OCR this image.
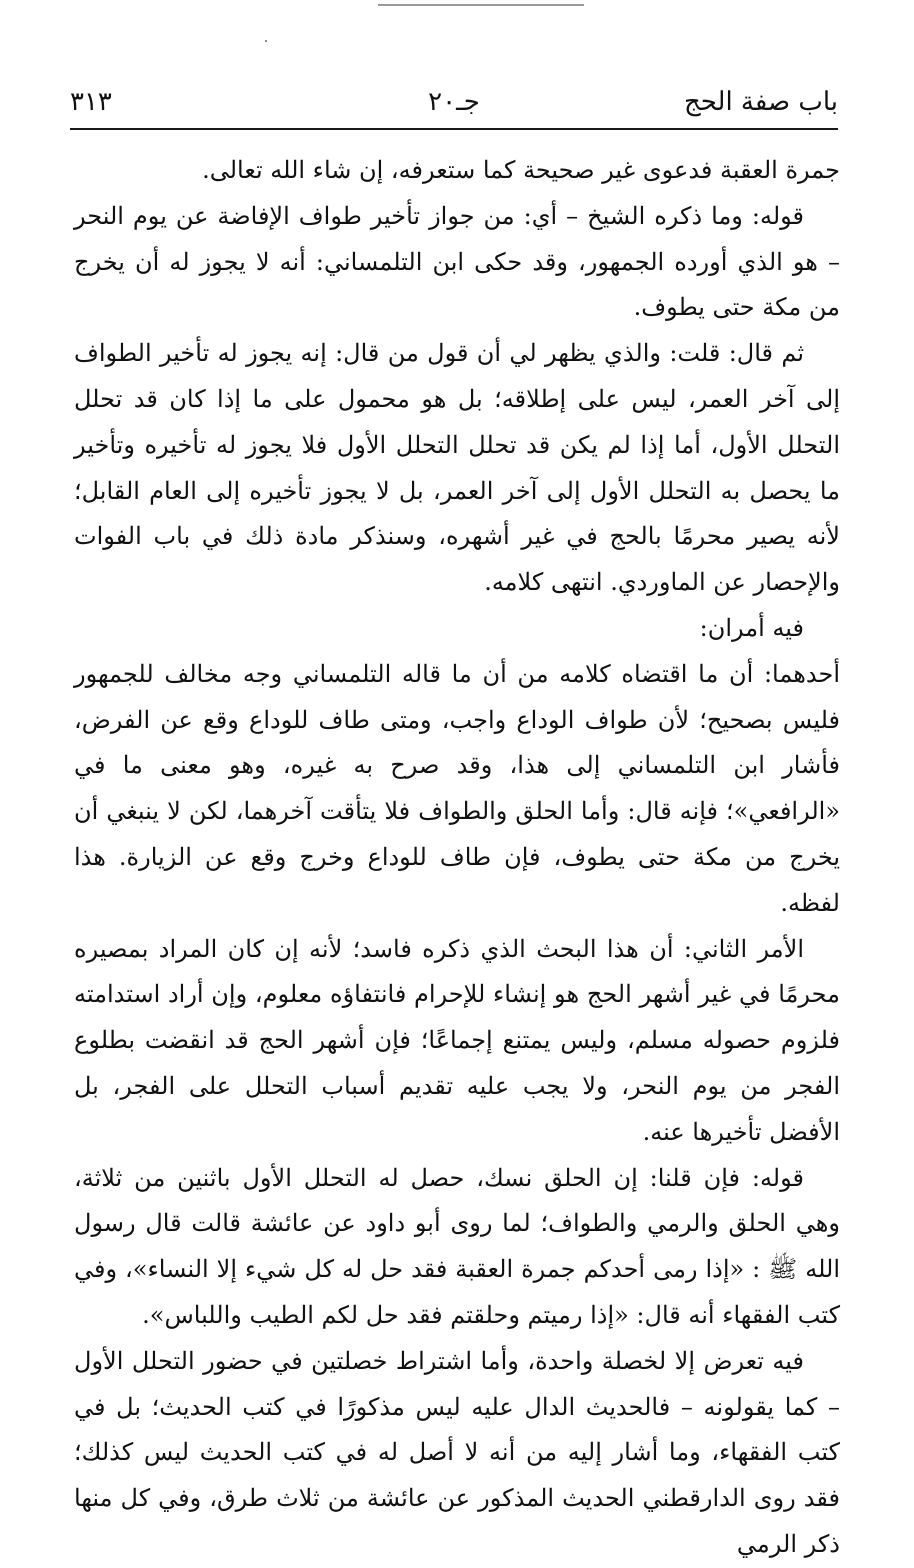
باب صفة الحج
جـ٢٠
٣١٣

جمرة العقبة فدعوى غير صحيحة كما ستعرفه، إن شاء الله تعالى.

قوله: وما ذكره الشيخ – أي: من جواز تأخير طواف الإفاضة عن يوم النحر – هو الذي أورده الجمهور، وقد حكى ابن التلمساني: أنه لا يجوز له أن يخرج من مكة حتى يطوف.

ثم قال: قلت: والذي يظهر لي أن قول من قال: إنه يجوز له تأخير الطواف إلى آخر العمر، ليس على إطلاقه؛ بل هو محمول على ما إذا كان قد تحلل التحلل الأول، أما إذا لم يكن قد تحلل التحلل الأول فلا يجوز له تأخيره وتأخير ما يحصل به التحلل الأول إلى آخر العمر، بل لا يجوز تأخيره إلى العام القابل؛ لأنه يصير محرمًا بالحج في غير أشهره، وسنذكر مادة ذلك في باب الفوات والإحصار عن الماوردي. انتهى كلامه.

فيه أمران:

أحدهما: أن ما اقتضاه كلامه من أن ما قاله التلمساني وجه مخالف للجمهور فليس بصحيح؛ لأن طواف الوداع واجب، ومتى طاف للوداع وقع عن الفرض، فأشار ابن التلمساني إلى هذا، وقد صرح به غيره، وهو معنى ما في «الرافعي»؛ فإنه قال: وأما الحلق والطواف فلا يتأقت آخرهما، لكن لا ينبغي أن يخرج من مكة حتى يطوف، فإن طاف للوداع وخرج وقع عن الزيارة. هذا لفظه.

الأمر الثاني: أن هذا البحث الذي ذكره فاسد؛ لأنه إن كان المراد بمصيره محرمًا في غير أشهر الحج هو إنشاء للإحرام فانتفاؤه معلوم، وإن أراد استدامته فلزوم حصوله مسلم، وليس يمتنع إجماعًا؛ فإن أشهر الحج قد انقضت بطلوع الفجر من يوم النحر، ولا يجب عليه تقديم أسباب التحلل على الفجر، بل الأفضل تأخيرها عنه.

قوله: فإن قلنا: إن الحلق نسك، حصل له التحلل الأول باثنين من ثلاثة، وهي الحلق والرمي والطواف؛ لما روى أبو داود عن عائشة قالت قال رسول الله ﷺ : «إذا رمى أحدكم جمرة العقبة فقد حل له كل شيء إلا النساء»، وفي كتب الفقهاء أنه قال: «إذا رميتم وحلقتم فقد حل لكم الطيب واللباس».

فيه تعرض إلا لخصلة واحدة، وأما اشتراط خصلتين في حضور التحلل الأول – كما يقولونه – فالحديث الدال عليه ليس مذكورًا في كتب الحديث؛ بل في كتب الفقهاء، وما أشار إليه من أنه لا أصل له في كتب الحديث ليس كذلك؛ فقد روى الدارقطني الحديث المذكور عن عائشة من ثلاث طرق، وفي كل منها ذكر الرمي
